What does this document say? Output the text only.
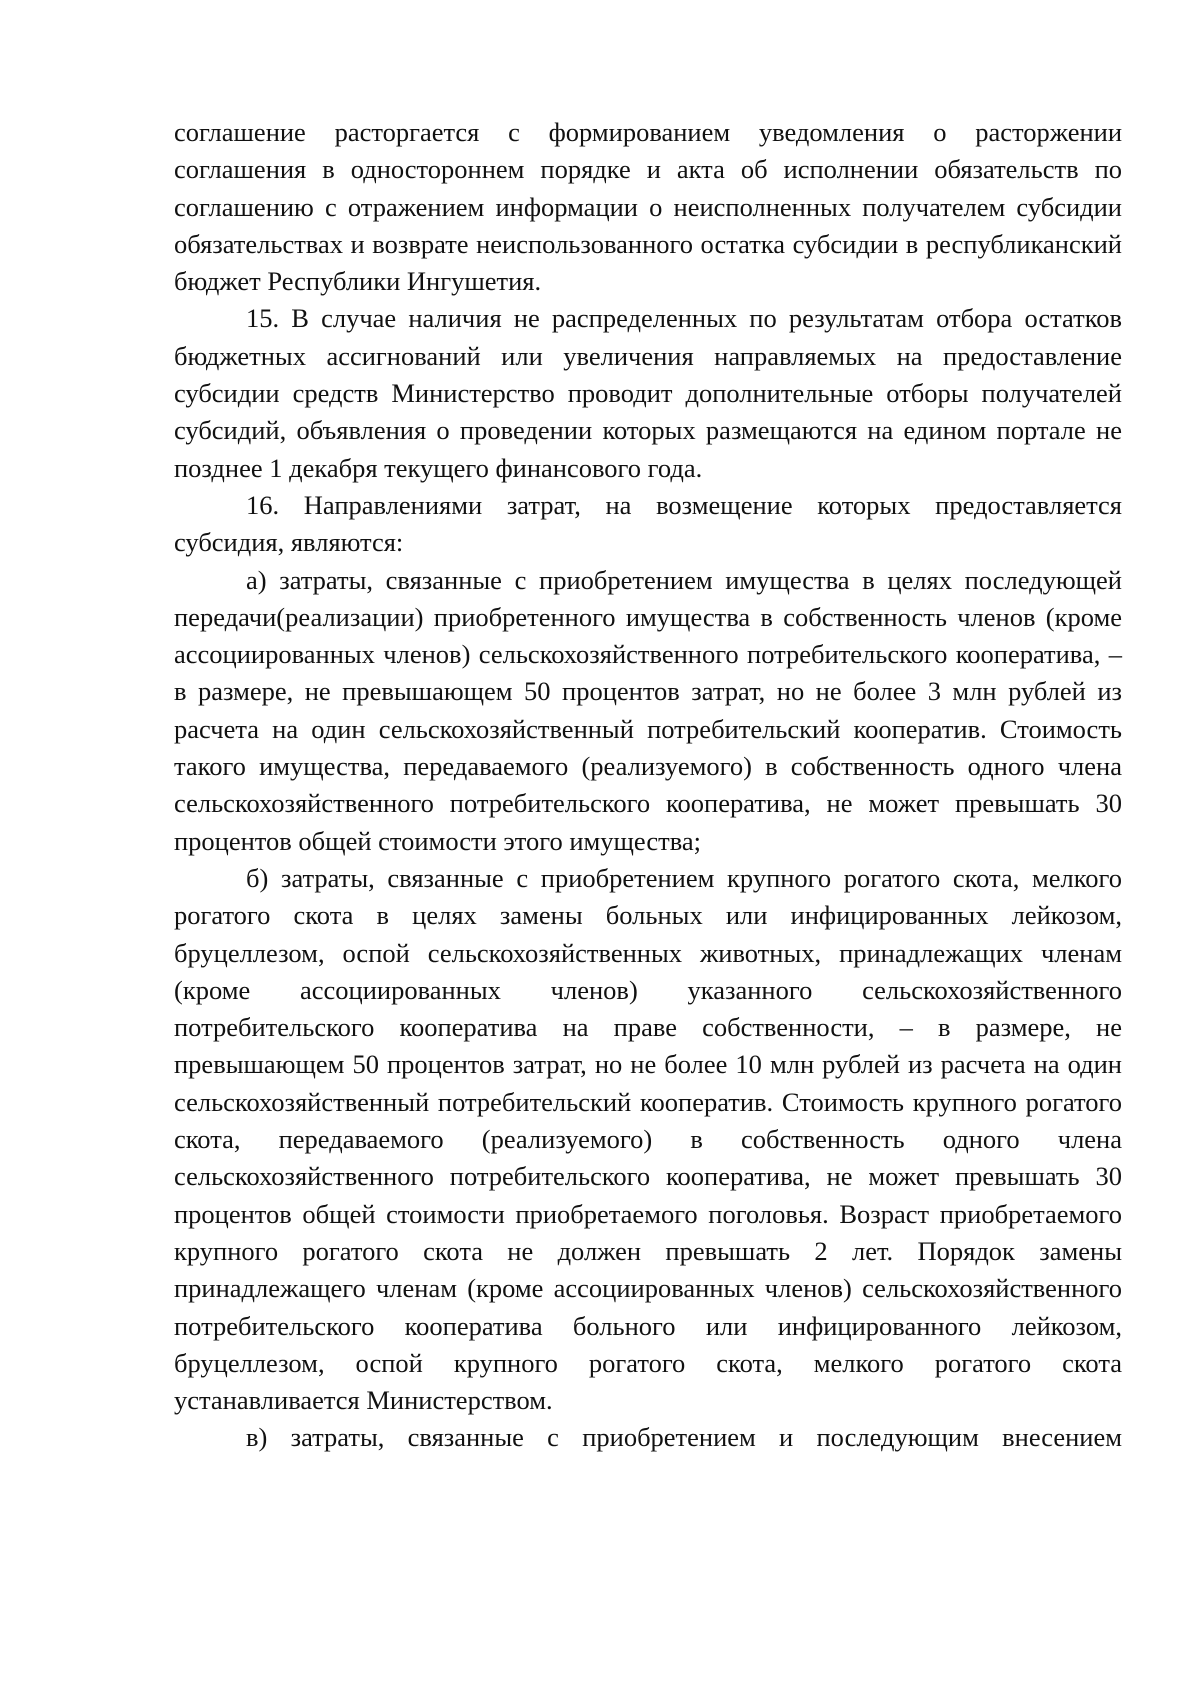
соглашение расторгается с формированием уведомления о расторжении соглашения в одностороннем порядке и акта об исполнении обязательств по соглашению с отражением информации о неисполненных получателем субсидии обязательствах и возврате неиспользованного остатка субсидии в республиканский бюджет Республики Ингушетия.

15. В случае наличия не распределенных по результатам отбора остатков бюджетных ассигнований или увеличения направляемых на предоставление субсидии средств Министерство проводит дополнительные отборы получателей субсидий, объявления о проведении которых размещаются на едином портале не позднее 1 декабря текущего финансового года.

16. Направлениями затрат, на возмещение которых предоставляется субсидия, являются:

а) затраты, связанные с приобретением имущества в целях последующей передачи(реализации) приобретенного имущества в собственность членов (кроме ассоциированных членов) сельскохозяйственного потребительского кооператива, – в размере, не превышающем 50 процентов затрат, но не более 3 млн рублей из расчета на один сельскохозяйственный потребительский кооператив. Стоимость такого имущества, передаваемого (реализуемого) в собственность одного члена сельскохозяйственного потребительского кооператива, не может превышать 30 процентов общей стоимости этого имущества;

б) затраты, связанные с приобретением крупного рогатого скота, мелкого рогатого скота в целях замены больных или инфицированных лейкозом, бруцеллезом, оспой сельскохозяйственных животных, принадлежащих членам (кроме ассоциированных членов) указанного сельскохозяйственного потребительского кооператива на праве собственности, – в размере, не превышающем 50 процентов затрат, но не более 10 млн рублей из расчета на один сельскохозяйственный потребительский кооператив. Стоимость крупного рогатого скота, передаваемого (реализуемого) в собственность одного члена сельскохозяйственного потребительского кооператива, не может превышать 30 процентов общей стоимости приобретаемого поголовья. Возраст приобретаемого крупного рогатого скота не должен превышать 2 лет. Порядок замены принадлежащего членам (кроме ассоциированных членов) сельскохозяйственного потребительского кооператива больного или инфицированного лейкозом, бруцеллезом, оспой крупного рогатого скота, мелкого рогатого скота устанавливается Министерством.

в) затраты, связанные с приобретением и последующим внесением
